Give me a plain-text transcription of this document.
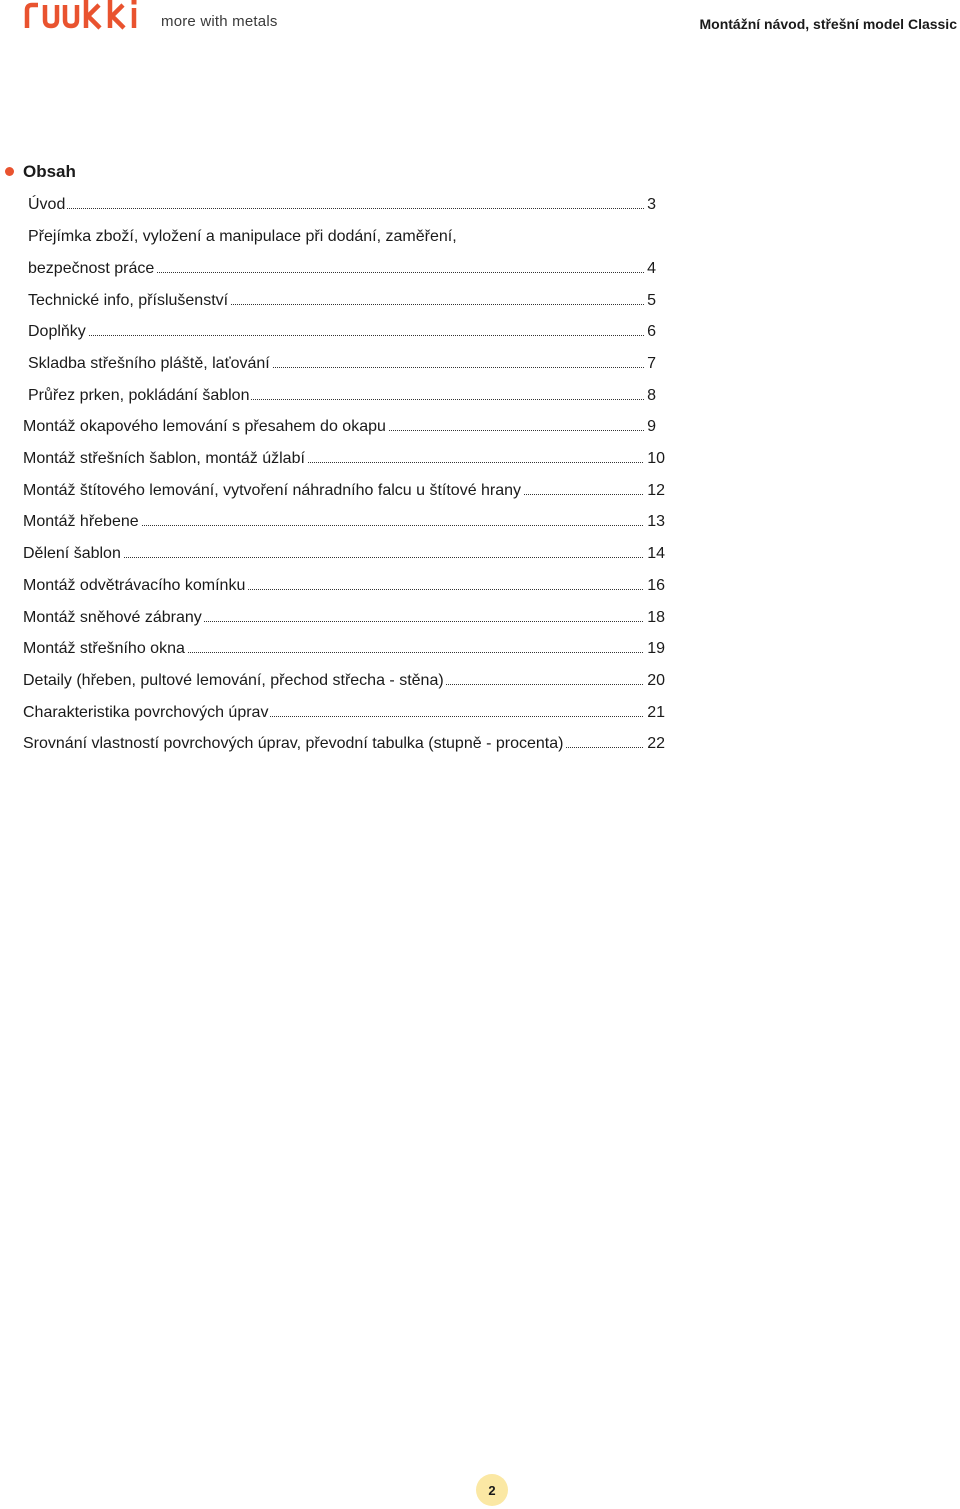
more with metals	Montážní návod, střešní model Classic
Obsah
Úvod	3
Přejímka zboží, vyložení a manipulace při dodání, zaměření,
bezpečnost práce	4
Technické info, příslušenství	5
Doplňky	6
Skladba střešního pláště, laťování	7
Průřez prken, pokládání šablon	8
Montáž okapového lemování s přesahem do okapu	9
Montáž střešních šablon, montáž úžlabí	10
Montáž štítového lemování, vytvoření náhradního falcu u štítové hrany	12
Montáž hřebene	13
Dělení šablon	14
Montáž odvětrávacího komínku	16
Montáž sněhové zábrany	18
Montáž střešního okna	19
Detaily (hřeben, pultové lemování, přechod střecha - stěna)	20
Charakteristika povrchových úprav	21
Srovnání vlastností povrchových úprav, převodní tabulka (stupně - procenta)	22
2
